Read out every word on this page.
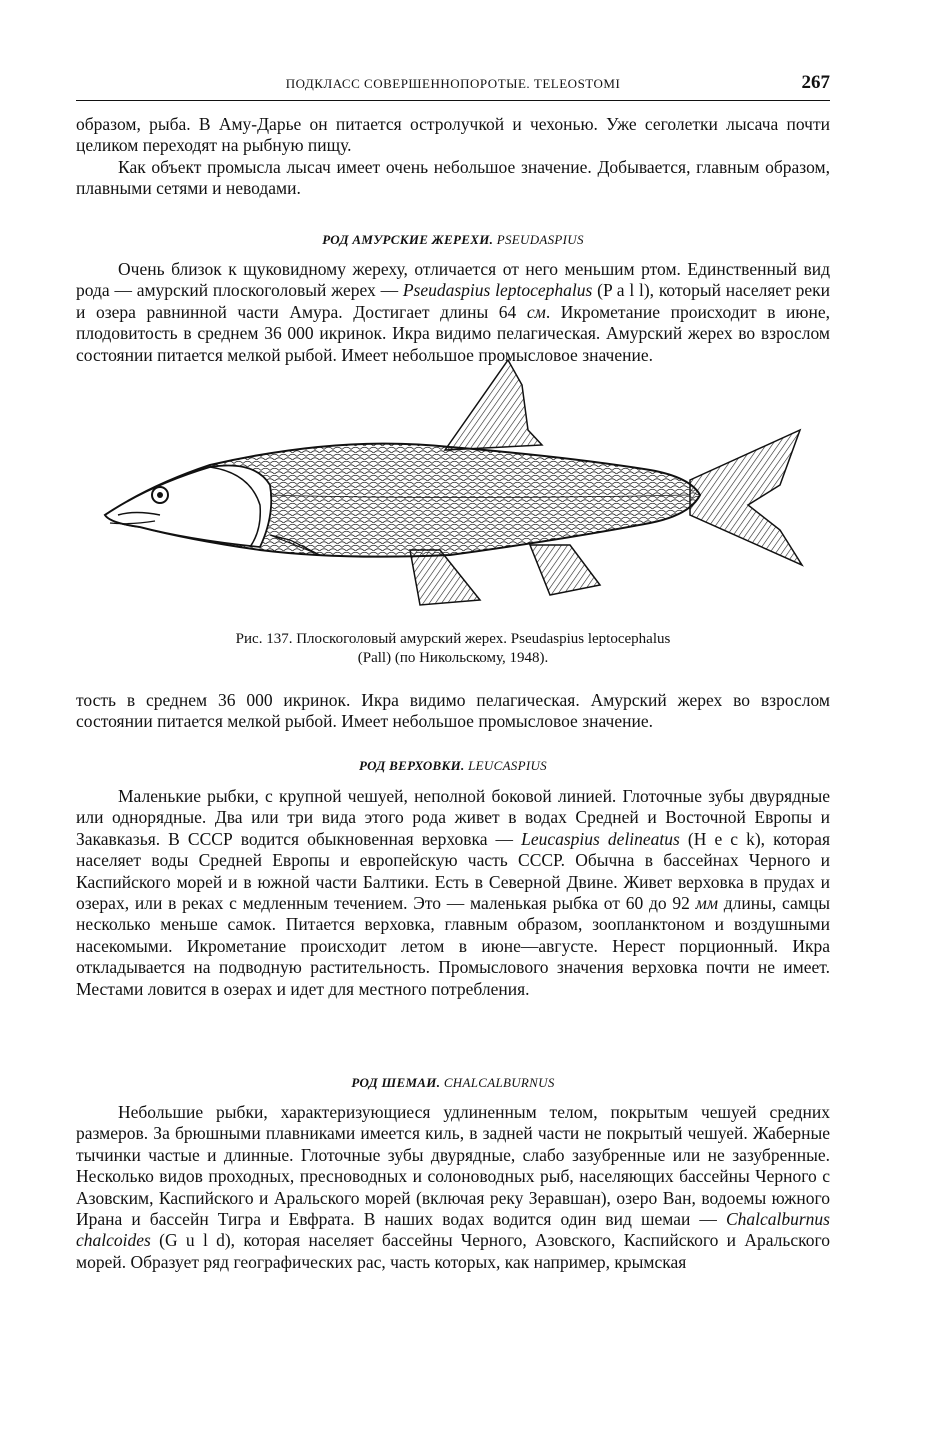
ПОДКЛАСС СОВЕРШЕННОПОРОТЫЕ. TELEOSTOMI	267

образом, рыба. В Аму-Дарье он питается остролучкой и чехонью. Уже сеголетки лысача почти целиком переходят на рыбную пищу.

Как объект промысла лысач имеет очень небольшое значение. Добывается, главным образом, плавными сетями и неводами.

РОД АМУРСКИЕ ЖЕРЕХИ. PSEUDASPIUS

Очень близок к щуковидному жереху, отличается от него меньшим ртом. Единственный вид рода — амурский плоскоголовый жерех — Pseudaspius leptocephalus (P a l l), который населяет реки и озера равнинной части Амура. Достигает длины 64 см. Икрометание происходит в июне, плодовитость в среднем 36 000 икринок. Икра видимо пелагическая. Амурский жерех во взрослом состоянии питается мелкой рыбой. Имеет небольшое промысловое значение.

Рис. 137. Плоскоголовый амурский жерех. Pseudaspius leptocephalus
(Pall) (по Никольскому, 1948).

тость в среднем 36 000 икринок. Икра видимо пелагическая. Амурский жерех во взрослом состоянии питается мелкой рыбой. Имеет небольшое промысловое значение.

РОД ВЕРХОВКИ. LEUCASPIUS

Маленькие рыбки, с крупной чешуей, неполной боковой линией. Глоточные зубы двурядные или однорядные. Два или три вида этого рода живет в водах Средней и Восточной Европы и Закавказья. В СССР водится обыкновенная верховка — Leucaspius delineatus (H e c k), которая населяет воды Средней Европы и европейскую часть СССР. Обычна в бассейнах Черного и Каспийского морей и в южной части Балтики. Есть в Северной Двине. Живет верховка в прудах и озерах, или в реках с медленным течением. Это — маленькая рыбка от 60 до 92 мм длины, самцы несколько меньше самок. Питается верховка, главным образом, зоопланктоном и воздушными насекомыми. Икрометание происходит летом в июне—августе. Нерест порционный. Икра откладывается на подводную растительность. Промыслового значения верховка почти не имеет. Местами ловится в озерах и идет для местного потребления.

РОД ШЕМАИ. CHALCALBURNUS

Небольшие рыбки, характеризующиеся удлиненным телом, покрытым чешуей средних размеров. За брюшными плавниками имеется киль, в задней части не покрытый чешуей. Жаберные тычинки частые и длинные. Глоточные зубы двурядные, слабо зазубренные или не зазубренные. Несколько видов проходных, пресноводных и солоноводных рыб, населяющих бассейны Черного с Азовским, Каспийского и Аральского морей (включая реку Зеравшан), озеро Ван, водоемы южного Ирана и бассейн Тигра и Евфрата. В наших водах водится один вид шемаи — Chalcalburnus chalcoides (G u l d), которая населяет бассейны Черного, Азовского, Каспийского и Аральского морей. Образует ряд географических рас, часть которых, как например, крымская
